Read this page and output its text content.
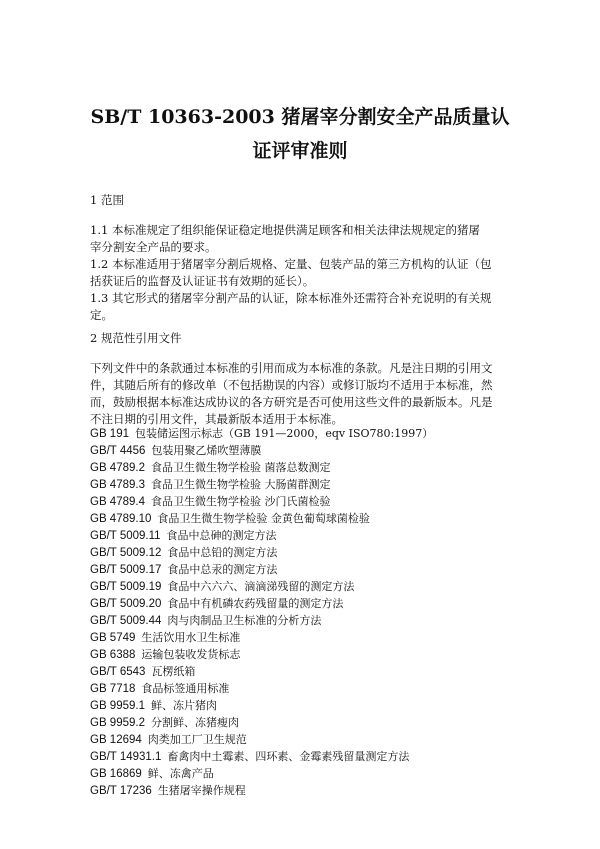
SB/T 10363-2003 猪屠宰分割安全产品质量认
证评审准则
1 范围
1.1 本标准规定了组织能保证稳定地提供满足顾客和相关法律法规规定的猪屠
宰分割安全产品的要求。
1.2 本标准适用于猪屠宰分割后规格、定量、包装产品的第三方机构的认证（包
括获证后的监督及认证证书有效期的延长）。
1.3 其它形式的猪屠宰分割产品的认证，除本标准外还需符合补充说明的有关规
定。
2 规范性引用文件
下列文件中的条款通过本标准的引用而成为本标准的条款。凡是注日期的引用文
件，其随后所有的修改单（不包括勘误的内容）或修订版均不适用于本标准，然
而，鼓励根据本标准达成协议的各方研究是否可使用这些文件的最新版本。凡是
不注日期的引用文件，其最新版本适用于本标准。
GB 191 包装储运图示标志（GB 191—2000，eqv ISO780:1997）
GB/T 4456 包装用聚乙烯吹塑薄膜
GB 4789.2 食品卫生微生物学检验 菌落总数测定
GB 4789.3 食品卫生微生物学检验 大肠菌群测定
GB 4789.4 食品卫生微生物学检验 沙门氏菌检验
GB 4789.10 食品卫生微生物学检验 金黄色葡萄球菌检验
GB/T 5009.11 食品中总砷的测定方法
GB/T 5009.12 食品中总铅的测定方法
GB/T 5009.17 食品中总汞的测定方法
GB/T 5009.19 食品中六六六、滴滴涕残留的测定方法
GB/T 5009.20 食品中有机磷农药残留量的测定方法
GB/T 5009.44 肉与肉制品卫生标准的分析方法
GB 5749 生活饮用水卫生标准
GB 6388 运输包装收发货标志
GB/T 6543 瓦楞纸箱
GB 7718 食品标签通用标准
GB 9959.1 鲜、冻片猪肉
GB 9959.2 分割鲜、冻猪瘦肉
GB 12694 肉类加工厂卫生规范
GB/T 14931.1 畜禽肉中土霉素、四环素、金霉素残留量测定方法
GB 16869 鲜、冻禽产品
GB/T 17236 生猪屠宰操作规程
